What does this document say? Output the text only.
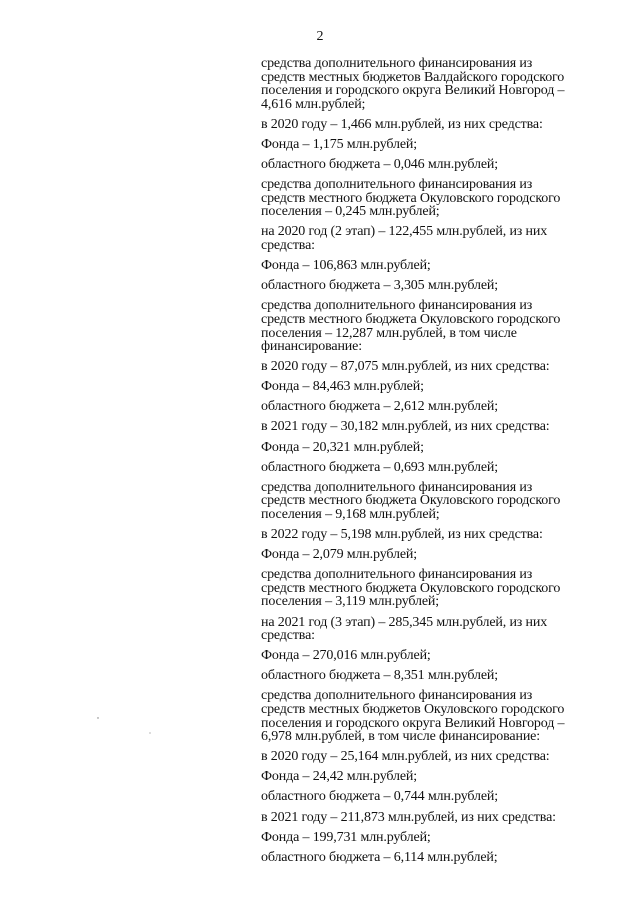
2

средства дополнительного финансирования из
средств местных бюджетов Валдайского городского
поселения и городского округа Великий Новгород –
4,616 млн.рублей;

в 2020 году – 1,466 млн.рублей, из них средства:

Фонда – 1,175 млн.рублей;

областного бюджета – 0,046 млн.рублей;

средства дополнительного финансирования из
средств местного бюджета Окуловского городского
поселения – 0,245 млн.рублей;

на 2020 год (2 этап) – 122,455 млн.рублей, из них
средства:

Фонда – 106,863 млн.рублей;

областного бюджета – 3,305 млн.рублей;

средства дополнительного финансирования из
средств местного бюджета Окуловского городского
поселения – 12,287 млн.рублей, в том числе
финансирование:

в 2020 году – 87,075 млн.рублей, из них средства:

Фонда – 84,463 млн.рублей;

областного бюджета – 2,612 млн.рублей;

в 2021 году – 30,182 млн.рублей, из них средства:

Фонда – 20,321 млн.рублей;

областного бюджета – 0,693 млн.рублей;

средства дополнительного финансирования из
средств местного бюджета Окуловского городского
поселения – 9,168 млн.рублей;

в 2022 году – 5,198 млн.рублей, из них средства:

Фонда – 2,079 млн.рублей;

средства дополнительного финансирования из
средств местного бюджета Окуловского городского
поселения – 3,119 млн.рублей;

на 2021 год (3 этап) – 285,345 млн.рублей, из них
средства:

Фонда – 270,016 млн.рублей;

областного бюджета – 8,351 млн.рублей;

средства дополнительного финансирования из
средств местных бюджетов Окуловского городского
поселения и городского округа Великий Новгород –
6,978 млн.рублей, в том числе финансирование:

в 2020 году – 25,164 млн.рублей, из них средства:

Фонда – 24,42 млн.рублей;

областного бюджета – 0,744 млн.рублей;

в 2021 году – 211,873 млн.рублей, из них средства:

Фонда – 199,731 млн.рублей;

областного бюджета – 6,114 млн.рублей;
